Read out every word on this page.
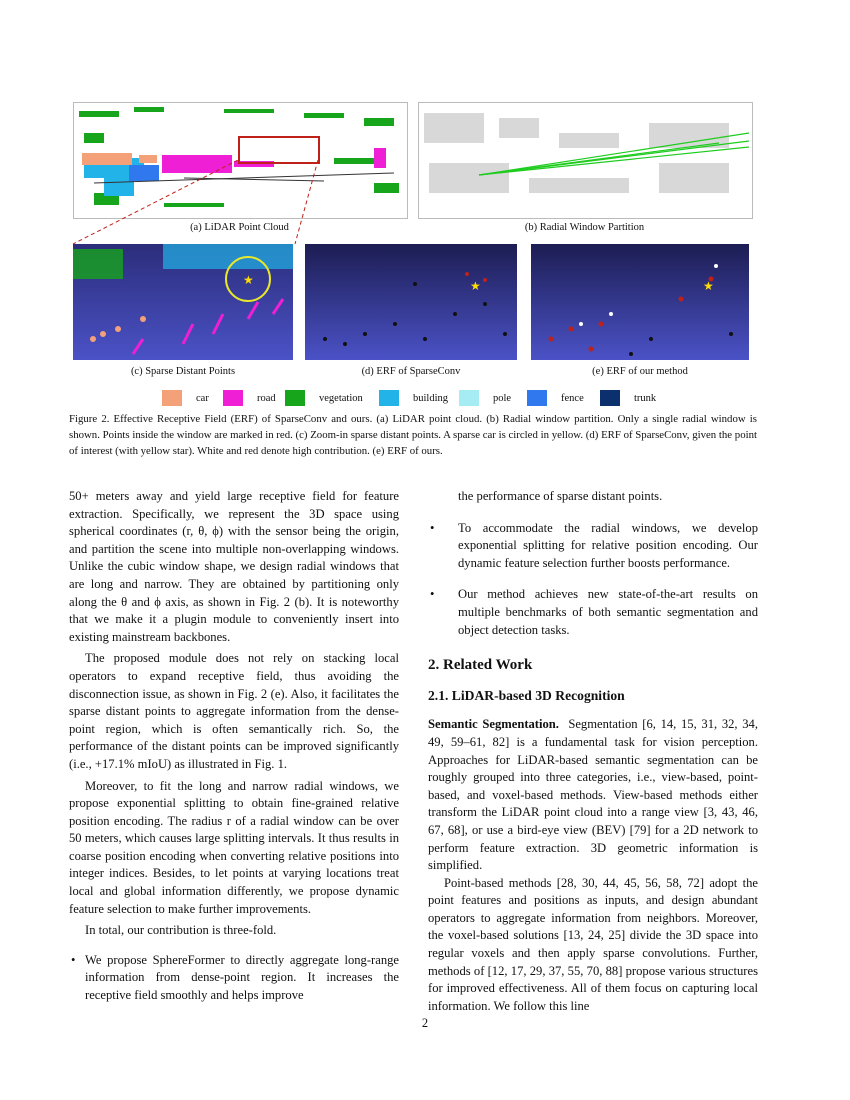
(a) LiDAR Point Cloud	(b) Radial Window Partition
★
(c) Sparse Distant Points
★
(d) ERF of SparseConv
★
(e) ERF of our method
car	road	vegetation	building	pole	fence	trunk
Figure 2. Effective Receptive Field (ERF) of SparseConv and ours. (a) LiDAR point cloud. (b) Radial window partition. Only a single radial window is shown. Points inside the window are marked in red. (c) Zoom-in sparse distant points. A sparse car is circled in yellow. (d) ERF of SparseConv, given the point of interest (with yellow star). White and red denote high contribution. (e) ERF of ours.

50+ meters away and yield large receptive field for feature extraction. Specifically, we represent the 3D space using spherical coordinates (r, θ, ϕ) with the sensor being the origin, and partition the scene into multiple non-overlapping windows. Unlike the cubic window shape, we design radial windows that are long and narrow. They are obtained by partitioning only along the θ and ϕ axis, as shown in Fig. 2 (b). It is noteworthy that we make it a plugin module to conveniently insert into existing mainstream backbones.

The proposed module does not rely on stacking local operators to expand receptive field, thus avoiding the disconnection issue, as shown in Fig. 2 (e). Also, it facilitates the sparse distant points to aggregate information from the dense-point region, which is often semantically rich. So, the performance of the distant points can be improved significantly (i.e., +17.1% mIoU) as illustrated in Fig. 1.

Moreover, to fit the long and narrow radial windows, we propose exponential splitting to obtain fine-grained relative position encoding. The radius r of a radial window can be over 50 meters, which causes large splitting intervals. It thus results in coarse position encoding when converting relative positions into integer indices. Besides, to let points at varying locations treat local and global information differently, we propose dynamic feature selection to make further improvements.

In total, our contribution is three-fold.

• We propose SphereFormer to directly aggregate long-range information from dense-point region. It increases the receptive field smoothly and helps improve

the performance of sparse distant points.

• To accommodate the radial windows, we develop exponential splitting for relative position encoding. Our dynamic feature selection further boosts performance.

• Our method achieves new state-of-the-art results on multiple benchmarks of both semantic segmentation and object detection tasks.

2. Related Work
2.1. LiDAR-based 3D Recognition

Semantic Segmentation. Segmentation [6, 14, 15, 31, 32, 34, 49, 59–61, 82] is a fundamental task for vision perception. Approaches for LiDAR-based semantic segmentation can be roughly grouped into three categories, i.e., view-based, point-based, and voxel-based methods. View-based methods either transform the LiDAR point cloud into a range view [3, 43, 46, 67, 68], or use a bird-eye view (BEV) [79] for a 2D network to perform feature extraction. 3D geometric information is simplified.

Point-based methods [28, 30, 44, 45, 56, 58, 72] adopt the point features and positions as inputs, and design abundant operators to aggregate information from neighbors. Moreover, the voxel-based solutions [13, 24, 25] divide the 3D space into regular voxels and then apply sparse convolutions. Further, methods of [12, 17, 29, 37, 55, 70, 88] propose various structures for improved effectiveness. All of them focus on capturing local information. We follow this line

2
